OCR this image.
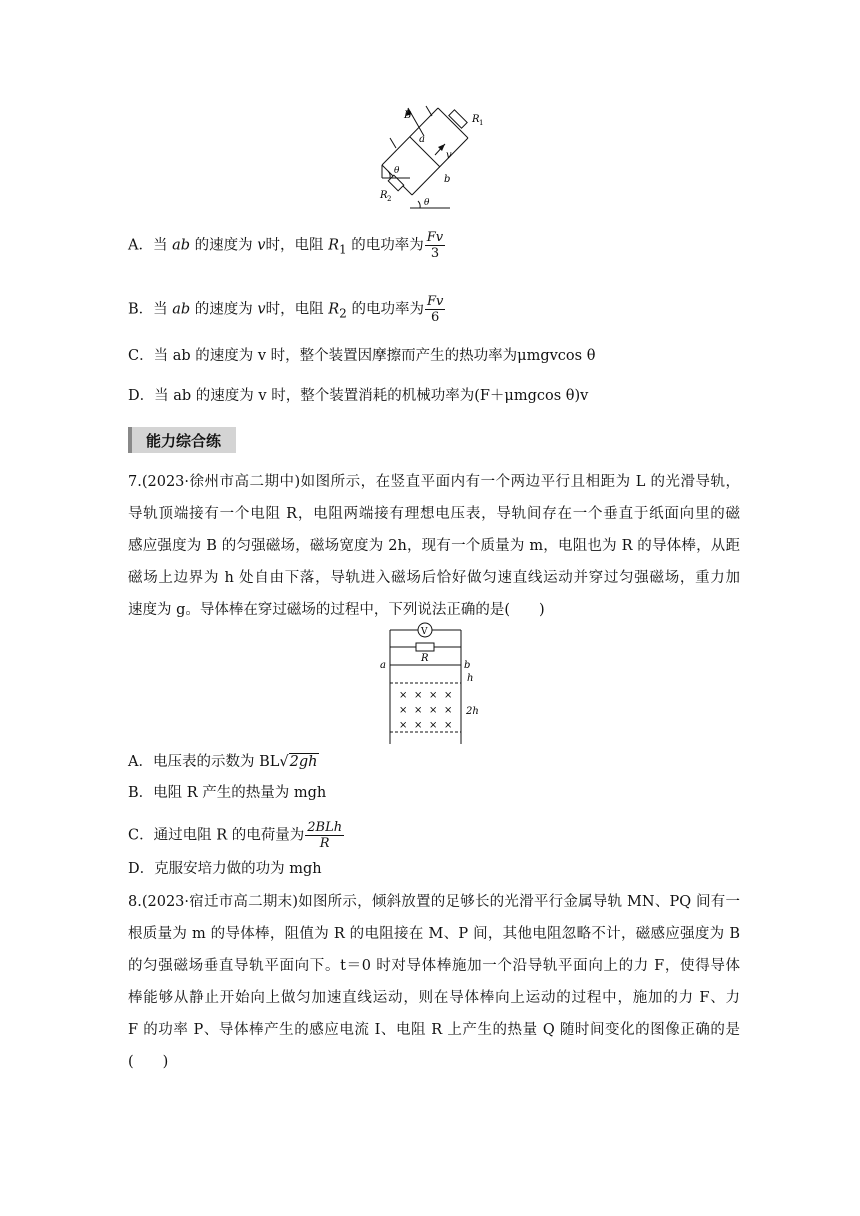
B	R 1
a
v
b
θ
θ
R 2
A．当 ab 的速度为 v时，电阻 $R_1$ 的电功率为 $\frac{Fv}{3}$
B．当 ab 的速度为 v时，电阻 $R_2$ 的电功率为 $\frac{Fv}{6}$
C．当 ab 的速度为 v 时，整个装置因摩擦而产生的热功率为μmgvcos θ
D．当 ab 的速度为 v 时，整个装置消耗的机械功率为(F＋μmgcos θ)v
能力综合练
7.(2023·徐州市高二期中)如图所示，在竖直平面内有一个两边平行且相距为 L 的光滑导轨，
导轨顶端接有一个电阻 R，电阻两端接有理想电压表，导轨间存在一个垂直于纸面向里的磁
感应强度为 B 的匀强磁场，磁场宽度为 2h，现有一个质量为 m，电阻也为 R 的导体棒，从距
磁场上边界为 h 处自由下落，导轨进入磁场后恰好做匀速直线运动并穿过匀强磁场，重力加
速度为 g。导体棒在穿过磁场的过程中，下列说法正确的是(　　)
V
R
a	b
h
2h
× × × ×
× × × ×
× × × ×
A．电压表的示数为 BL√2gh
B．电阻 R 产生的热量为 mgh
C．通过电阻 R 的电荷量为 $\frac{\text{2BLh}}{R}$
D．克服安培力做的功为 mgh
8.(2023·宿迁市高二期末)如图所示，倾斜放置的足够长的光滑平行金属导轨 MN、PQ 间有一
根质量为 m 的导体棒，阻值为 R 的电阻接在 M、P 间，其他电阻忽略不计，磁感应强度为 B
的匀强磁场垂直导轨平面向下。t＝0 时对导体棒施加一个沿导轨平面向上的力 F，使得导体
棒能够从静止开始向上做匀加速直线运动，则在导体棒向上运动的过程中，施加的力 F、力
F 的功率 P、导体棒产生的感应电流 I、电阻 R 上产生的热量 Q 随时间变化的图像正确的是
(　　)
